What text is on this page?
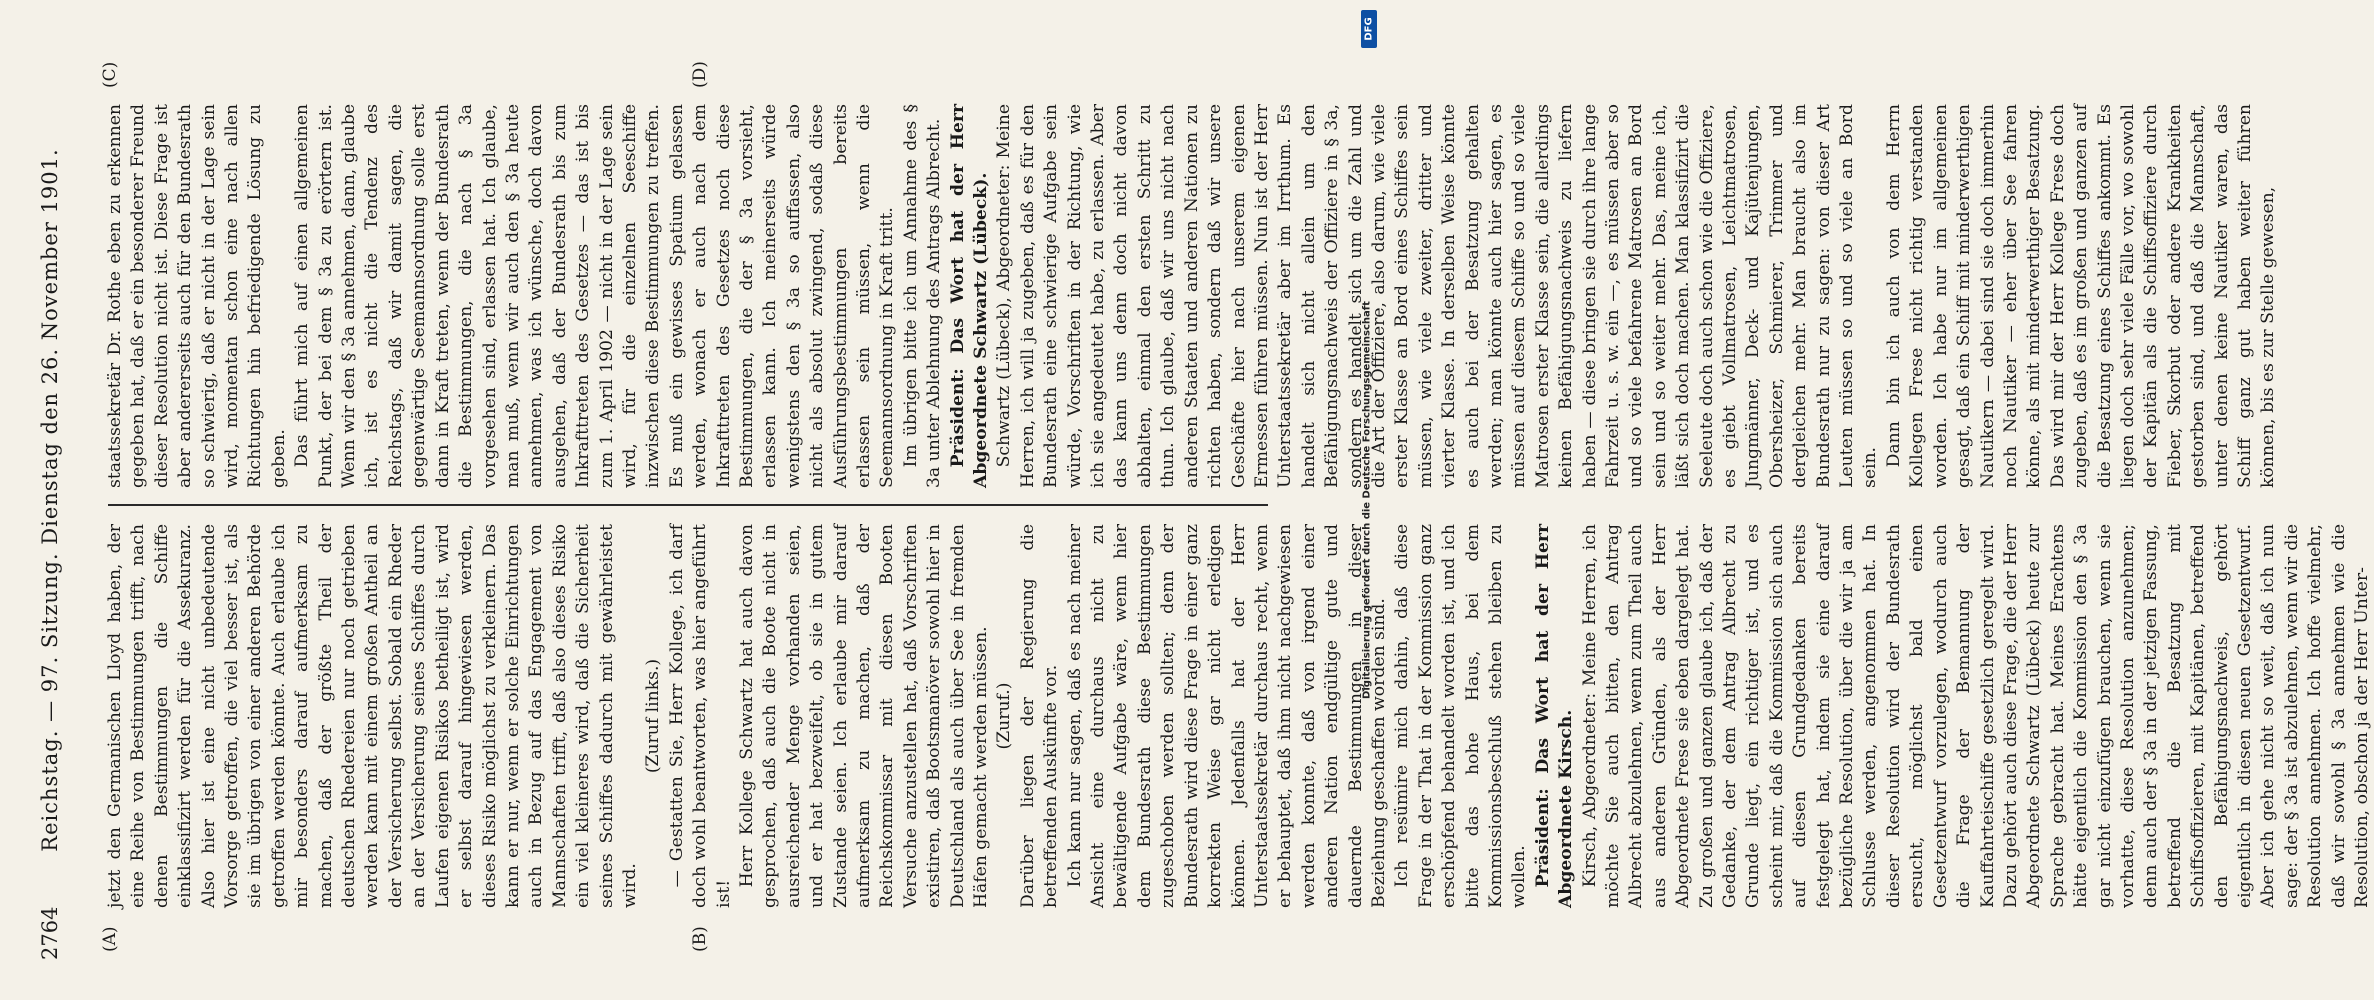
2764
Reichstag. — 97. Sitzung. Dienstag den 26. November 1901.
(A)	(B)
(C)	(D)

jetzt den Germanischen Lloyd haben, der eine Reihe von Bestimmungen trifft, nach denen Bestimmungen die Schiffe einklassifizirt werden für die Assekuranz. Also hier ist eine nicht unbedeutende Vorsorge getroffen, die viel besser ist, als sie im übrigen von einer anderen Behörde getroffen werden könnte. Auch erlaube ich mir besonders darauf aufmerksam zu machen, daß der größte Theil der deutschen Rhedereien nur noch getrieben werden kann mit einem großen Antheil an der Versicherung selbst. Sobald ein Rheder an der Versicherung seines Schiffes durch Laufen eigenen Risikos betheiligt ist, wird er selbst darauf hingewiesen werden, dieses Risiko möglichst zu verkleinern. Das kann er nur, wenn er solche Einrichtungen auch in Bezug auf das Engagement von Mannschaften trifft, daß also dieses Risiko ein viel kleineres wird, daß die Sicherheit seines Schiffes dadurch mit gewährleistet wird.

(Zuruf links.) — Gestatten Sie, Herr Kollege, ich darf doch wohl beantworten, was hier angeführt ist!

Herr Kollege Schwartz hat auch davon gesprochen, daß auch die Boote nicht in ausreichender Menge vorhanden seien, und er hat bezweifelt, ob sie in gutem Zustande seien. Ich erlaube mir darauf aufmerksam zu machen, daß der Reichskommissar mit diesen Booten Versuche anzustellen hat, daß Vorschriften existiren, daß Bootsmanöver sowohl hier in Deutschland als auch über See in fremden Häfen gemacht werden müssen. (Zuruf.) Darüber liegen der Regierung die betreffenden Auskünfte vor. Ich kann nur sagen, daß es nach meiner Ansicht eine durchaus nicht zu bewältigende Aufgabe wäre, wenn hier dem Bundesrath diese Bestimmungen zugeschoben werden sollten; denn der Bundesrath wird diese Frage in einer ganz korrekten Weise gar nicht erledigen können. Jedenfalls hat der Herr Unterstaatssekretär durchaus recht, wenn er behauptet, daß ihm nicht nachgewiesen werden konnte, daß von irgend einer anderen Nation endgültige gute und dauernde Bestimmungen in dieser Beziehung geschaffen worden sind. Ich resümire mich dahin, daß diese Frage in der That in der Kommission ganz erschöpfend behandelt worden ist, und ich bitte das hohe Haus, bei dem Kommissionsbeschluß stehen bleiben zu wollen. Präsident: Das Wort hat der Herr Abgeordnete Kirsch. Kirsch, Abgeordneter: Meine Herren, ich möchte Sie auch bitten, den Antrag Albrecht abzulehnen, wenn zum Theil auch aus anderen Gründen, als der Herr Abgeordnete Frese sie eben dargelegt hat. Zu großen und ganzen glaube ich, daß der Gedanke, der dem Antrag Albrecht zu Grunde liegt, ein richtiger ist, und es scheint mir, daß die Kommission sich auch auf diesen Grundgedanken bereits festgelegt hat, indem sie eine darauf bezügliche Resolution, über die wir ja am Schlusse werden, angenommen hat. In dieser Resolution wird der Bundesrath ersucht, möglichst bald einen Gesetzentwurf vorzulegen, wodurch auch die Frage der Bemannung der Kauffahrteischiffe gesetzlich geregelt wird. Dazu gehört auch diese Frage, die der Herr Abgeordnete Schwartz (Lübeck) heute zur Sprache gebracht hat. Meines Erachtens hätte eigentlich die Kommission den § 3a gar nicht einzufügen brauchen, wenn sie vorhatte, diese Resolution anzunehmen; denn auch der § 3a in der jetzigen Fassung, betreffend die Besatzung mit Schiffsoffizieren, mit Kapitänen, betreffend den Befähigungsnachweis, gehört eigentlich in diesen neuen Gesetzentwurf. Aber ich gehe nicht so weit, daß ich nun sage: der § 3a ist abzulehnen, wenn wir die Resolution annehmen. Ich hoffe vielmehr, daß wir sowohl § 3a annehmen wie die Resolution, obschon ja der Herr Unter-

staatssekretär Dr. Rothe eben zu erkennen gegeben hat, daß er ein besonderer Freund dieser Resolution nicht ist. Diese Frage ist aber andererseits auch für den Bundesrath so schwierig, daß er nicht in der Lage sein wird, momentan schon eine nach allen Richtungen hin befriedigende Lösung zu geben. Das führt mich auf einen allgemeinen Punkt, der bei dem § 3a zu erörtern ist. Wenn wir den § 3a annehmen, dann, glaube ich, ist es nicht die Tendenz des Reichstags, daß wir damit sagen, die gegenwärtige Seemannsordnung solle erst dann in Kraft treten, wenn der Bundesrath die Bestimmungen, die nach § 3a vorgesehen sind, erlassen hat. Ich glaube, man muß, wenn wir auch den § 3a heute annehmen, was ich wünsche, doch davon ausgehen, daß der Bundesrath bis zum Inkrafttreten des Gesetzes — das ist bis zum 1. April 1902 — nicht in der Lage sein wird, für die einzelnen Seeschiffe inzwischen diese Bestimmungen zu treffen. Es muß ein gewisses Spatium gelassen werden, wonach er auch nach dem Inkrafttreten des Gesetzes noch diese Bestimmungen, die der § 3a vorsieht, erlassen kann. Ich meinerseits würde wenigstens den § 3a so auffassen, also nicht als absolut zwingend, sodaß diese Ausführungsbestimmungen bereits erlassen sein müssen, wenn die Seemannsordnung in Kraft tritt. Im übrigen bitte ich um Annahme des § 3a unter Ablehnung des Antrags Albrecht. Präsident: Das Wort hat der Herr Abgeordnete Schwartz (Lübeck). Schwartz (Lübeck), Abgeordneter: Meine Herren, ich will ja zugeben, daß es für den Bundesrath eine schwierige Aufgabe sein würde, Vorschriften in der Richtung, wie ich sie angedeutet habe, zu erlassen. Aber das kann uns denn doch nicht davon abhalten, einmal den ersten Schritt zu thun. Ich glaube, daß wir uns nicht nach anderen Staaten und anderen Nationen zu richten haben, sondern daß wir unsere Geschäfte hier nach unserem eigenen Ermessen führen müssen. Nun ist der Herr Unterstaatssekretär aber im Irrthum. Es handelt sich nicht allein um den Befähigungsnachweis der Offiziere in § 3a, sondern es handelt sich um die Zahl und die Art der Offiziere, also darum, wie viele erster Klasse an Bord eines Schiffes sein müssen, wie viele zweiter, dritter und vierter Klasse. In derselben Weise könnte es auch bei der Besatzung gehalten werden; man könnte auch hier sagen, es müssen auf diesem Schiffe so und so viele Matrosen erster Klasse sein, die allerdings keinen Befähigungsnachweis zu liefern haben — diese bringen sie durch ihre lange Fahrzeit u. s. w. ein —, es müssen aber so und so viele befahrene Matrosen an Bord sein und so weiter mehr. Das, meine ich, läßt sich doch machen. Man klassifizirt die Seeleute doch auch schon wie die Offiziere, es giebt Vollmatrosen, Leichtmatrosen, Jungmänner, Deck- und Kajütenjungen, Obersheizer, Schmierer, Trimmer und dergleichen mehr. Man braucht also im Bundesrath nur zu sagen: von dieser Art Leuten müssen so und so viele an Bord sein.

Dann bin ich auch von dem Herrn Kollegen Frese nicht richtig verstanden worden. Ich habe nur im allgemeinen gesagt, daß ein Schiff mit minderwerthigen Nautikern — dabei sind sie doch immerhin noch Nautiker — eher über See fahren könne, als mit minderwerthiger Besatzung. Das wird mir der Herr Kollege Frese doch zugeben, daß es im großen und ganzen auf die Besatzung eines Schiffes ankommt. Es liegen doch sehr viele Fälle vor, wo sowohl der Kapitän als die Schiffsoffiziere durch Fieber, Skorbut oder andere Krankheiten gestorben sind, und daß die Mannschaft, unter denen keine Nautiker waren, das Schiff ganz gut haben weiter führen können, bis es zur Stelle gewesen,

DFG
Digitalisierung gefördert durch die Deutsche Forschungsgemeinschaft
